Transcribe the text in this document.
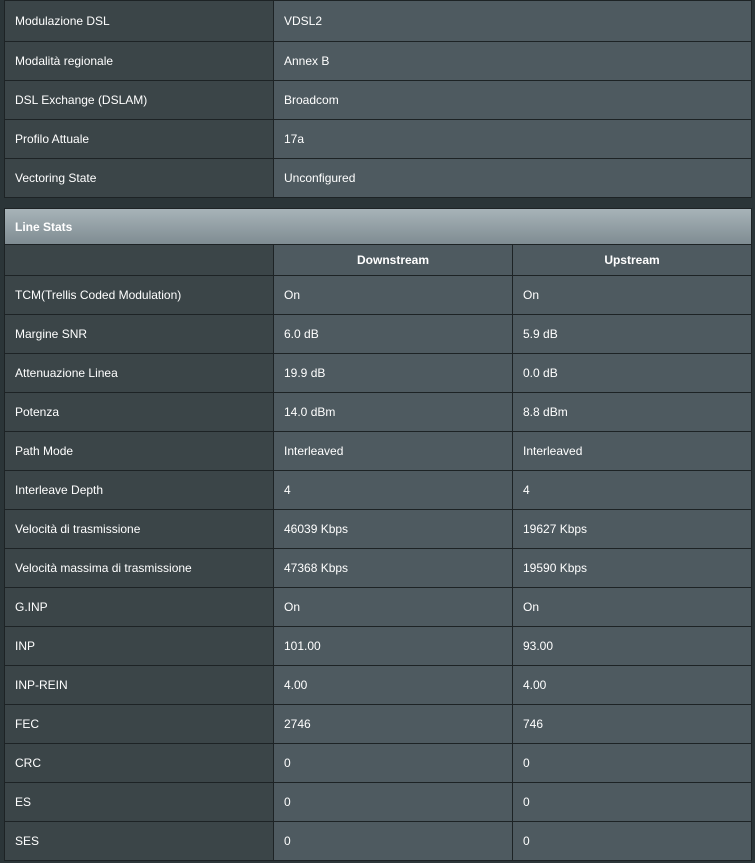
Modulazione DSL	VDSL2
Modalità regionale	Annex B
DSL Exchange (DSLAM)	Broadcom
Profilo Attuale	17a
Vectoring State	Unconfigured
Line Stats
	Downstream	Upstream
TCM(Trellis Coded Modulation)	On	On
Margine SNR	6.0 dB	5.9 dB
Attenuazione Linea	19.9 dB	0.0 dB
Potenza	14.0 dBm	8.8 dBm
Path Mode	Interleaved	Interleaved
Interleave Depth	4	4
Velocità di trasmissione	46039 Kbps	19627 Kbps
Velocità massima di trasmissione	47368 Kbps	19590 Kbps
G.INP	On	On
INP	101.00	93.00
INP-REIN	4.00	4.00
FEC	2746	746
CRC	0	0
ES	0	0
SES	0	0
